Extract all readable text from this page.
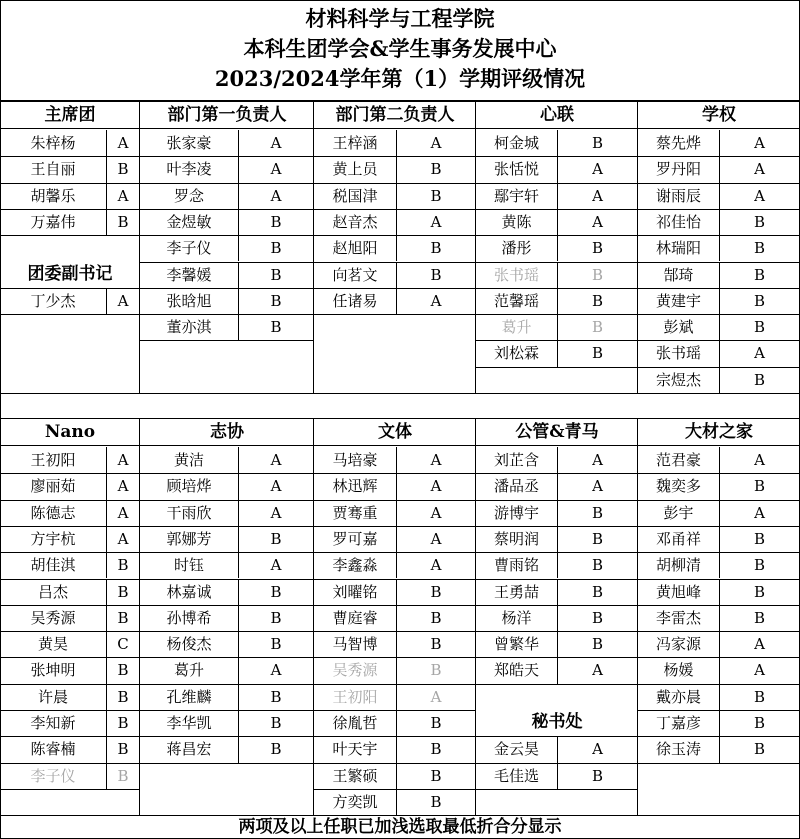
材料科学与工程学院
本科生团学会&学生事务发展中心
2023/2024学年第（1）学期评级情况
主席团
朱梓杨	A
王自丽	B
胡馨乐	A
万嘉伟	B
团委副书记
丁少杰	A
部门第一负责人
张家豪	A
叶李凌	A
罗念	A
金煜敏	B
李子仪	B
李馨媛	B
张晗旭	B
董亦淇	B
部门第二负责人
王梓涵	A
黄上员	B
税国津	B
赵音杰	A
赵旭阳	B
向茗文	B
任诸易	A
心联
柯金城	B
张恬悦	A
鄢宇轩	A
黄陈	A
潘彤	B
张书瑶	B
范馨瑶	B
葛升	B
刘松霖	B
学权
蔡先烨	A
罗丹阳	A
谢雨辰	A
祁佳怡	B
林瑞阳	B
郜琦	B
黄建宇	B
彭斌	B
张书瑶	A
宗煜杰	B
Nano
王初阳	A
廖丽茹	A
陈德志	A
方宇杭	A
胡佳淇	B
吕杰	B
吴秀源	B
黄昊	C
张坤明	B
许晨	B
李知新	B
陈睿楠	B
李子仪	B
志协
黄洁	A
顾培烨	A
干雨欣	A
郭娜芳	B
时钰	A
林嘉诚	B
孙博希	B
杨俊杰	B
葛升	A
孔维麟	B
李华凯	B
蒋昌宏	B
文体
马培豪	A
林迅辉	A
贾骞重	A
罗可嘉	A
李鑫淼	A
刘曜铭	B
曹庭睿	B
马智博	B
吴秀源	B
王初阳	A
徐胤哲	B
叶天宇	B
王繁硕	B
方奕凯	B
公管&青马
刘芷含	A
潘品丞	A
游博宇	B
蔡明润	B
曹雨铭	B
王勇喆	B
杨洋	B
曾繁华	B
郑皓天	A
秘书处
金云昊	A
毛佳选	B
大材之家
范君豪	A
魏奕多	B
彭宇	A
邓甬祥	B
胡柳清	B
黄旭峰	B
李雷杰	B
冯家源	A
杨媛	A
戴亦晨	B
丁嘉彦	B
徐玉涛	B
两项及以上任职已加浅选取最低折合分显示
